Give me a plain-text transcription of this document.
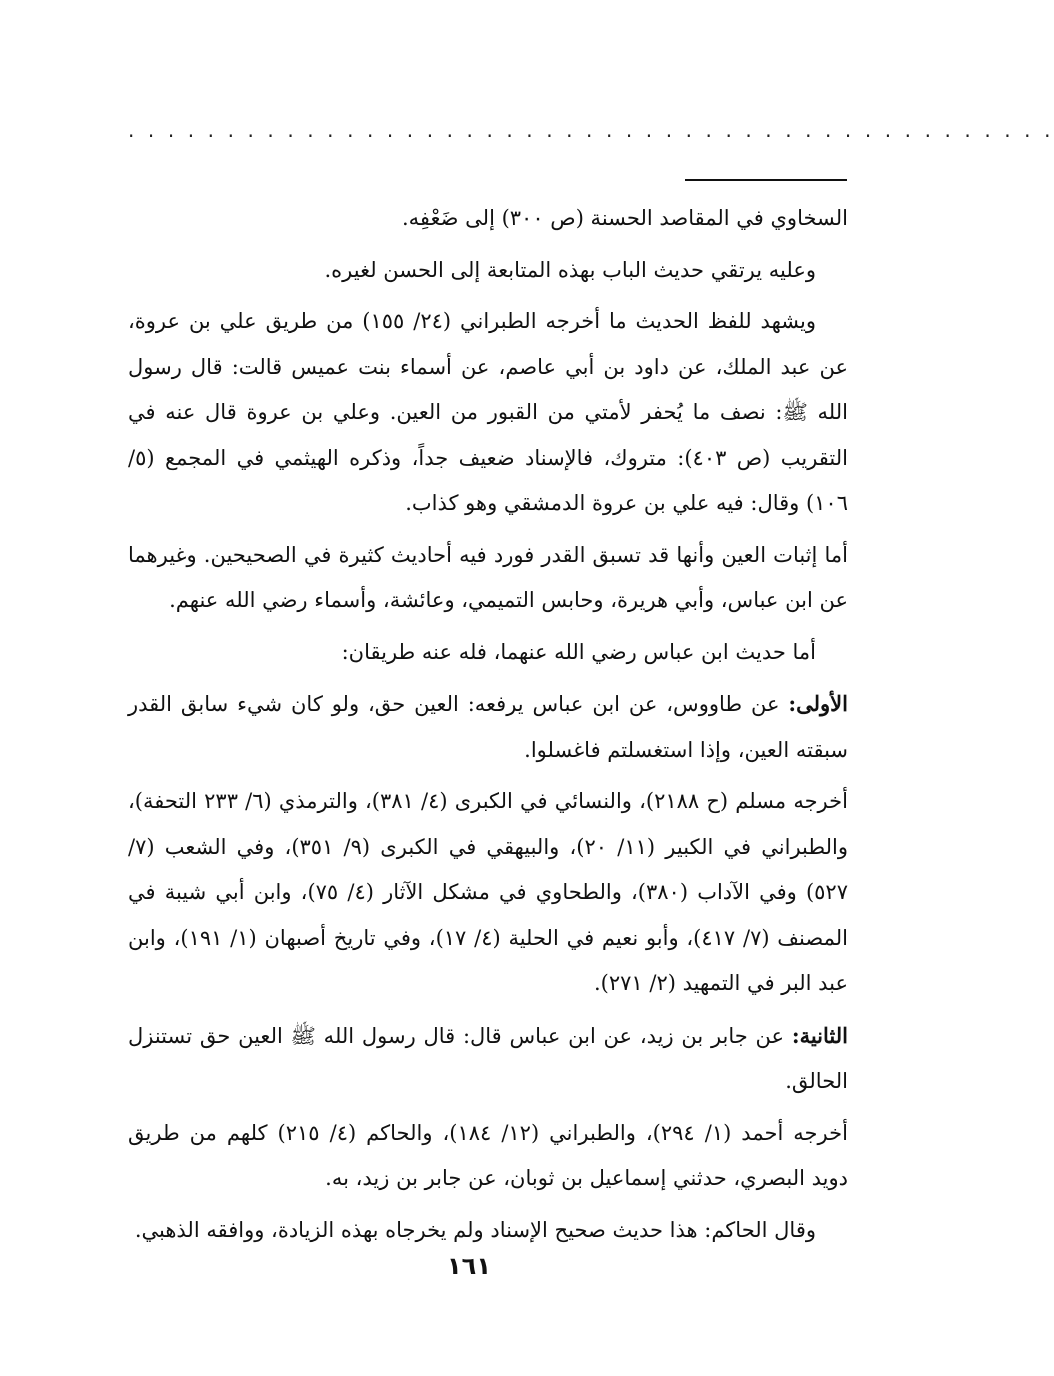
. . . . . . . . . . . . . . . . . . . . . . . . . . . . . . . . . . . . . . . . . . . . . . .

السخاوي في المقاصد الحسنة (ص ٣٠٠) إلى ضَعْفِه.

وعليه يرتقي حديث الباب بهذه المتابعة إلى الحسن لغيره.

ويشهد للفظ الحديث ما أخرجه الطبراني (٢٤/ ١٥٥) من طريق علي بن عروة، عن عبد الملك، عن داود بن أبي عاصم، عن أسماء بنت عميس قالت: قال رسول الله ﷺ: نصف ما يُحفر لأمتي من القبور من العين. وعلي بن عروة قال عنه في التقريب (ص ٤٠٣): متروك، فالإسناد ضعيف جداً، وذكره الهيثمي في المجمع (٥/ ١٠٦) وقال: فيه علي بن عروة الدمشقي وهو كذاب.

أما إثبات العين وأنها قد تسبق القدر فورد فيه أحاديث كثيرة في الصحيحين. وغيرهما عن ابن عباس، وأبي هريرة، وحابس التميمي، وعائشة، وأسماء رضي الله عنهم.

أما حديث ابن عباس رضي الله عنهما، فله عنه طريقان:

الأولى: عن طاووس، عن ابن عباس يرفعه: العين حق، ولو كان شيء سابق القدر سبقته العين، وإذا استغسلتم فاغسلوا.

أخرجه مسلم (ح ٢١٨٨)، والنسائي في الكبرى (٤/ ٣٨١)، والترمذي (٦/ ٢٣٣ التحفة)، والطبراني في الكبير (١١/ ٢٠)، والبيهقي في الكبرى (٩/ ٣٥١)، وفي الشعب (٧/ ٥٢٧) وفي الآداب (٣٨٠)، والطحاوي في مشكل الآثار (٤/ ٧٥)، وابن أبي شيبة في المصنف (٧/ ٤١٧)، وأبو نعيم في الحلية (٤/ ١٧)، وفي تاريخ أصبهان (١/ ١٩١)، وابن عبد البر في التمهيد (٢/ ٢٧١).

الثانية: عن جابر بن زيد، عن ابن عباس قال: قال رسول الله ﷺ العين حق تستنزل الحالق.

أخرجه أحمد (١/ ٢٩٤)، والطبراني (١٢/ ١٨٤)، والحاكم (٤/ ٢١٥) كلهم من طريق دويد البصري، حدثني إسماعيل بن ثوبان، عن جابر بن زيد، به.

وقال الحاكم: هذا حديث صحيح الإسناد ولم يخرجاه بهذه الزيادة، ووافقه الذهبي.

١٦١
